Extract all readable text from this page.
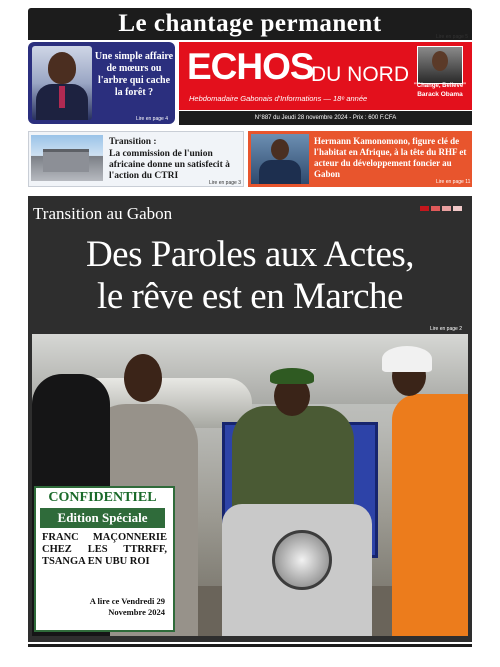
Le chantage permanent	Lire en page 5
Une simple affaire de mœurs ou l'arbre qui cache la forêt ?
Lire en page 4
ECHOS
DU NORD
Hebdomadaire Gabonais d'Informations — 18ᵉ année
"Change, Believe"
Barack Obama
N°887 du Jeudi 28 novembre 2024 - Prix : 600 F.CFA
Transition :
La commission de l'union africaine donne un satisfecit à l'action du CTRI
Lire en page 3
Hermann Kamonomono, figure clé de l'habitat en Afrique, à la tête du RHF et acteur du développement foncier au Gabon
Lire en page 11
Transition au Gabon
Des Paroles aux Actes,
le rêve est en Marche
Lire en page 2
CONFIDENTIEL
Edition Spéciale
FRANC MAÇONNERIE CHEZ LES TTRRFF, TSANGA EN UBU ROI
A lire ce Vendredi 29
Novembre 2024
